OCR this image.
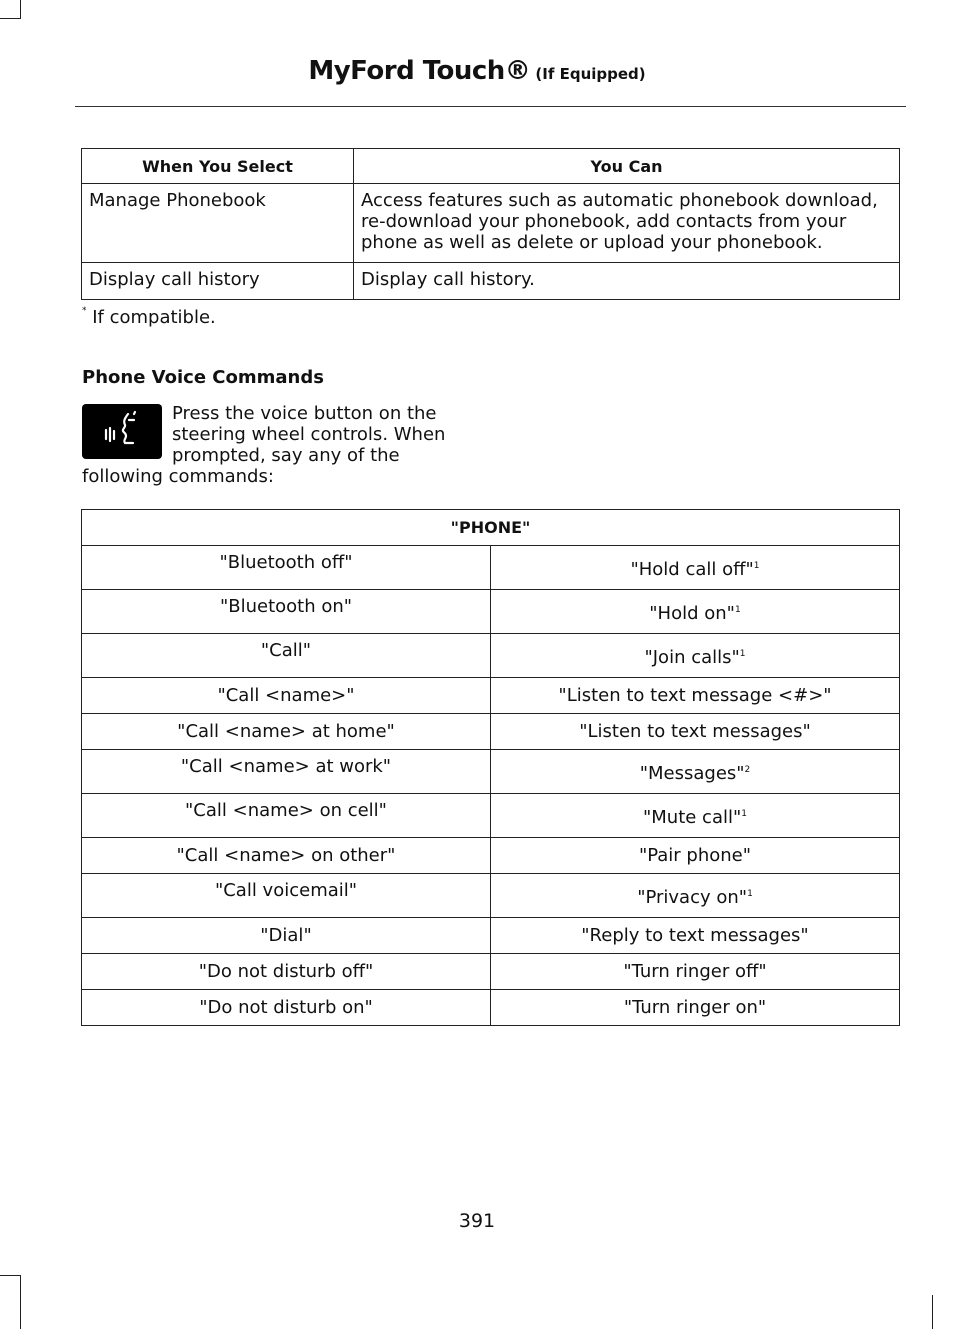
MyFord Touch® (If Equipped)
When You Select	You Can
Manage Phonebook	Access features such as automatic phonebook download, re-download your phonebook, add contacts from your phone as well as delete or upload your phonebook.
Display call history	Display call history.
* If compatible.
Phone Voice Commands
Press the voice button on the steering wheel controls. When prompted, say any of the following commands:
"PHONE"	
"Bluetooth off"	"Hold call off"$^1$
"Bluetooth on"	"Hold on"$^1$
"Call"	"Join calls"$^1$
"Call <name>"	"Listen to text message <#>"
"Call <name> at home"	"Listen to text messages"
"Call <name> at work"	"Messages"$^2$
"Call <name> on cell"	"Mute call"$^1$
"Call <name> on other"	"Pair phone"
"Call voicemail"	"Privacy on"$^1$
"Dial"	"Reply to text messages"
"Do not disturb off"	"Turn ringer off"
"Do not disturb on"	"Turn ringer on"
391
